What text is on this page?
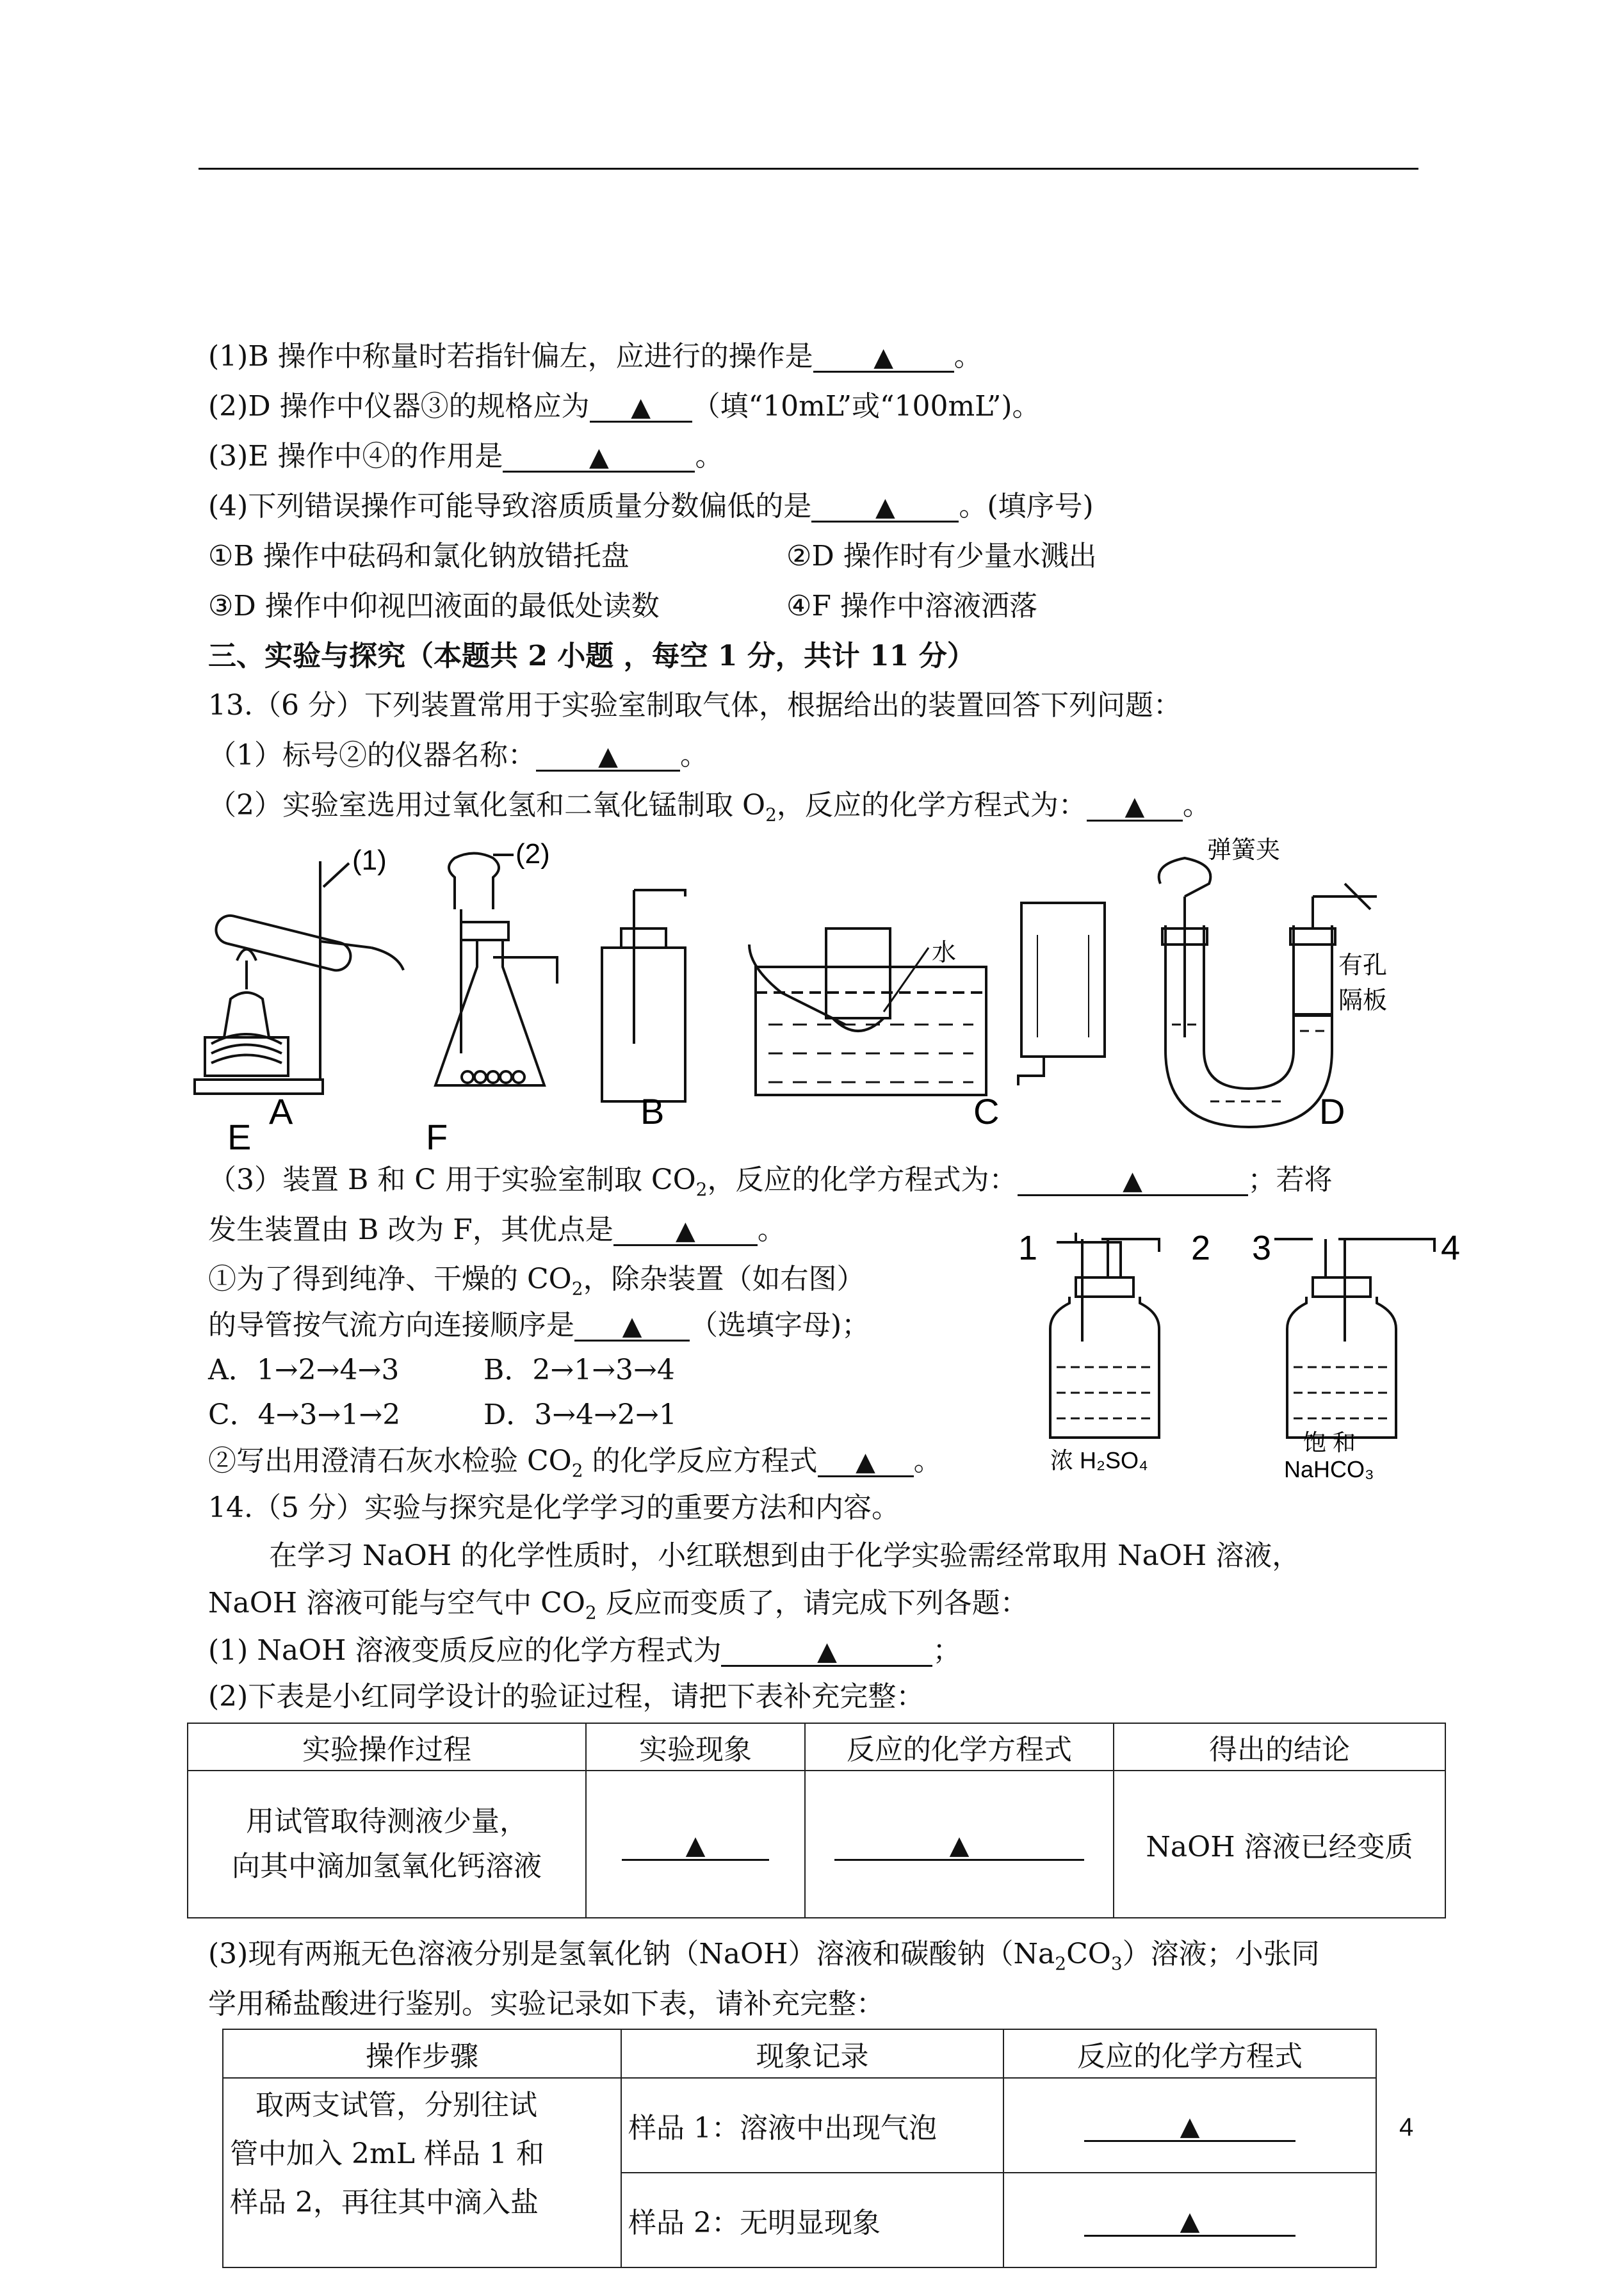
(1)B 操作中称量时若指针偏左，应进行的操作是 ▲ 。
(2)D 操作中仪器③的规格应为 ▲ （填“10mL”或“100mL”)。
(3)E 操作中④的作用是	▲	。
(4)下列错误操作可能导致溶质质量分数偏低的是 ▲ 。(填序号)
①B 操作中砝码和氯化钠放错托盘	②D 操作时有少量水溅出
③D 操作中仰视凹液面的最低处读数	④F 操作中溶液洒落
三、实验与探究（本题共 2 小题 ，每空 1 分，共计 11 分）
13.（6 分）下列装置常用于实验室制取气体，根据给出的装置回答下列问题：
（1）标号②的仪器名称： ▲ 。
（2）实验室选用过氧化氢和二氧化锰制取 $O_2$，反应的化学方程式为： ▲ 。
(1)	(2)
水
弹簧夹
有孔
隔板
A
F
E
B	C	D
（3）装置 B 和 C 用于实验室制取 $CO_2$，反应的化学方程式为：	▲	；若将
发生装置由 B 改为 F，其优点是 ▲ 。
①为了得到纯净、干燥的 $CO_2$，除杂装置（如右图）
的导管按气流方向连接顺序是 ▲ （选填字母)；
A．1→2→4→3	B．2→1→3→4
C．4→3→1→2	D．3→4→2→1
②写出用澄清石灰水检验 $CO_2$ 的化学反应方程式 ▲ 。
1	2 3	4
浓 H₂SO₄
饱 和
NaHCO₃
14.（5 分）实验与探究是化学学习的重要方法和内容。
在学习 NaOH 的化学性质时，小红联想到由于化学实验需经常取用 NaOH 溶液，
NaOH 溶液可能与空气中 $CO_2$ 反应而变质了，请完成下列各题：
(1) NaOH 溶液变质反应的化学方程式为	▲	；
(2)下表是小红同学设计的验证过程，请把下表补充完整：
实验操作过程	实验现象	反应的化学方程式	得出的结论

用试管取待测液少量，
向其中滴加氢氧化钙溶液	▲	▲	NaOH 溶液已经变质
(3)现有两瓶无色溶液分别是氢氧化钠（NaOH）溶液和碳酸钠$(Na_2CO_3)$溶液；小张同
学用稀盐酸进行鉴别。实验记录如下表，请补充完整：
操作步骤	现象记录	反应的化学方程式

取两支试管，分别往试
管中加入 2mL 样品 1 和
样品 2，再往其中滴入盐	样品 1：溶液中出现气泡	▲
	样品 2：无明显现象	▲
4
